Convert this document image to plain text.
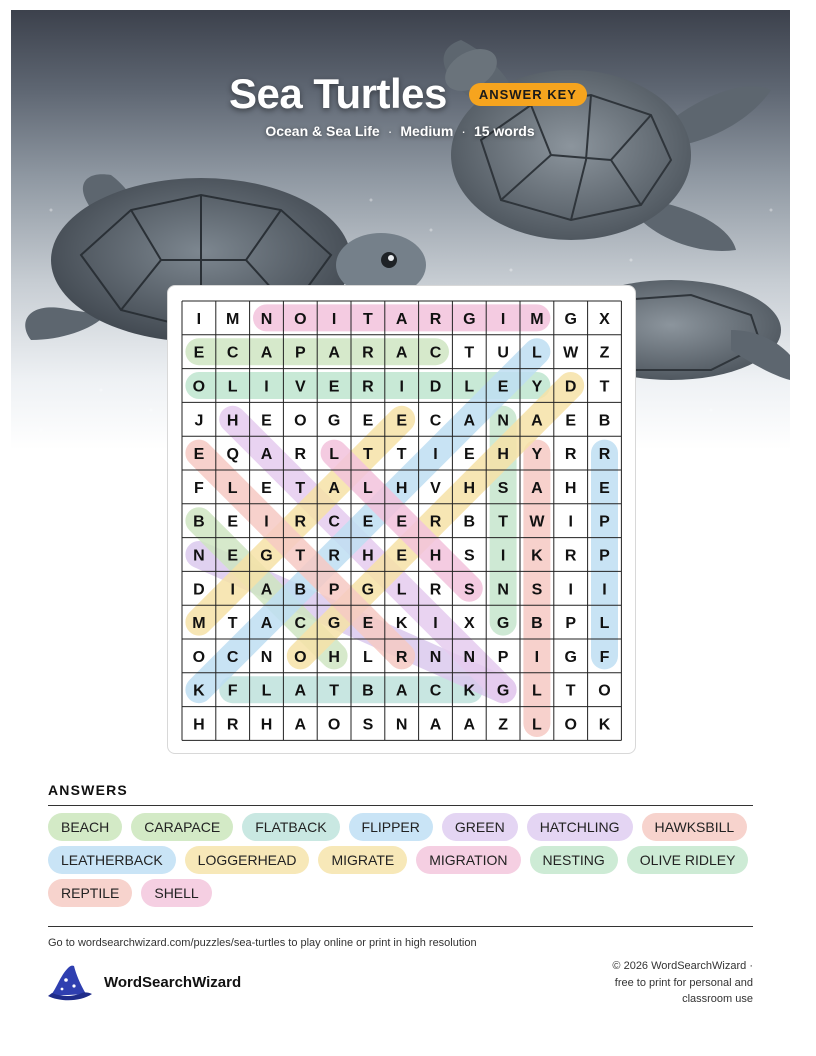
Sea Turtles ANSWER KEY
Ocean & Sea Life · Medium · 15 words
I M N O I T A R G I M G X
E C A P A R A C T U L W Z
O L I V E R I D L E Y D T
J H E O G E E C A N A E B
E Q A R L T T I E H Y R R
F L E T A L H V H S A H E
B E I R C E E R B T W I P
N E G T R H E H S I K R P
D I A B P G L R S N S I I
M T A C G E K I X G B P L
O C N O H L R N N P I G F
K F L A T B A C K G L T O
H R H A O S N A A Z L O K
ANSWERS
BEACH	CARAPACE	FLATBACK	FLIPPER	GREEN	HATCHLING	HAWKSBILLLEATHERBACK	LOGGERHEAD	MIGRATE	MIGRATION	NESTING	OLIVE RIDLEYREPTILE	SHELL
Go to wordsearchwizard.com/puzzles/sea-turtles to play online or print in high resolution
WordSearchWizard
© 2026 WordSearchWizard ·
free to print for personal and
classroom use
